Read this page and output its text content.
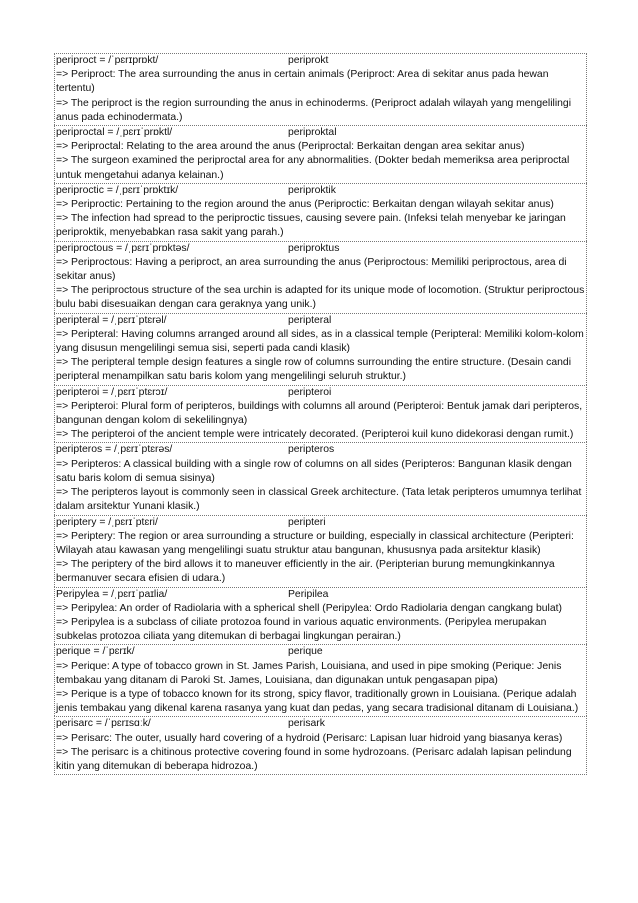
periproct = /ˈpɛrɪprɒkt/	periprokt
=> Periproct: The area surrounding the anus in certain animals (Periproct: Area di sekitar anus pada hewan tertentu)
=> The periproct is the region surrounding the anus in echinoderms. (Periproct adalah wilayah yang mengelilingi anus pada echinodermata.)
periproctal = /ˌpɛrɪˈprɒktl/	periproktal
=> Periproctal: Relating to the area around the anus (Periproctal: Berkaitan dengan area sekitar anus)
=> The surgeon examined the periproctal area for any abnormalities. (Dokter bedah memeriksa area periproctal untuk mengetahui adanya kelainan.)
periproctic = /ˌpɛrɪˈprɒktɪk/	periproktik
=> Periproctic: Pertaining to the region around the anus (Periproctic: Berkaitan dengan wilayah sekitar anus)
=> The infection had spread to the periproctic tissues, causing severe pain. (Infeksi telah menyebar ke jaringan periproktik, menyebabkan rasa sakit yang parah.)
periproctous = /ˌpɛrɪˈprɒktəs/	periproktus
=> Periproctous: Having a periproct, an area surrounding the anus (Periproctous: Memiliki periproctous, area di sekitar anus)
=> The periproctous structure of the sea urchin is adapted for its unique mode of locomotion. (Struktur periproctous bulu babi disesuaikan dengan cara geraknya yang unik.)
peripteral = /ˌpɛrɪˈptɛrəl/	peripteral
=> Peripteral: Having columns arranged around all sides, as in a classical temple (Peripteral: Memiliki kolom-kolom yang disusun mengelilingi semua sisi, seperti pada candi klasik)
=> The peripteral temple design features a single row of columns surrounding the entire structure. (Desain candi peripteral menampilkan satu baris kolom yang mengelilingi seluruh struktur.)
peripteroi = /ˌpɛrɪˈptɛrɔɪ/	peripteroi
=> Peripteroi: Plural form of peripteros, buildings with columns all around (Peripteroi: Bentuk jamak dari peripteros, bangunan dengan kolom di sekelilingnya)
=> The peripteroi of the ancient temple were intricately decorated. (Peripteroi kuil kuno didekorasi dengan rumit.)
peripteros = /ˌpɛrɪˈptɛrəs/	peripteros
=> Peripteros: A classical building with a single row of columns on all sides (Peripteros: Bangunan klasik dengan satu baris kolom di semua sisinya)
=> The peripteros layout is commonly seen in classical Greek architecture. (Tata letak peripteros umumnya terlihat dalam arsitektur Yunani klasik.)
periptery = /ˌpɛrɪˈptɛri/	peripteri
=> Periptery: The region or area surrounding a structure or building, especially in classical architecture (Peripteri: Wilayah atau kawasan yang mengelilingi suatu struktur atau bangunan, khususnya pada arsitektur klasik)
=> The periptery of the bird allows it to maneuver efficiently in the air. (Peripterian burung memungkinkannya bermanuver secara efisien di udara.)
Peripylea = /ˌpɛrɪˈpaɪlia/	Peripilea
=> Peripylea: An order of Radiolaria with a spherical shell (Peripylea: Ordo Radiolaria dengan cangkang bulat)
=> Peripylea is a subclass of ciliate protozoa found in various aquatic environments. (Peripylea merupakan subkelas protozoa ciliata yang ditemukan di berbagai lingkungan perairan.)
perique = /ˈpɛrɪk/	perique
=> Perique: A type of tobacco grown in St. James Parish, Louisiana, and used in pipe smoking (Perique: Jenis tembakau yang ditanam di Paroki St. James, Louisiana, dan digunakan untuk pengasapan pipa)
=> Perique is a type of tobacco known for its strong, spicy flavor, traditionally grown in Louisiana. (Perique adalah jenis tembakau yang dikenal karena rasanya yang kuat dan pedas, yang secara tradisional ditanam di Louisiana.)
perisarc = /ˈpɛrɪsɑːk/	perisark
=> Perisarc: The outer, usually hard covering of a hydroid (Perisarc: Lapisan luar hidroid yang biasanya keras)
=> The perisarc is a chitinous protective covering found in some hydrozoans. (Perisarc adalah lapisan pelindung kitin yang ditemukan di beberapa hidrozoa.)
